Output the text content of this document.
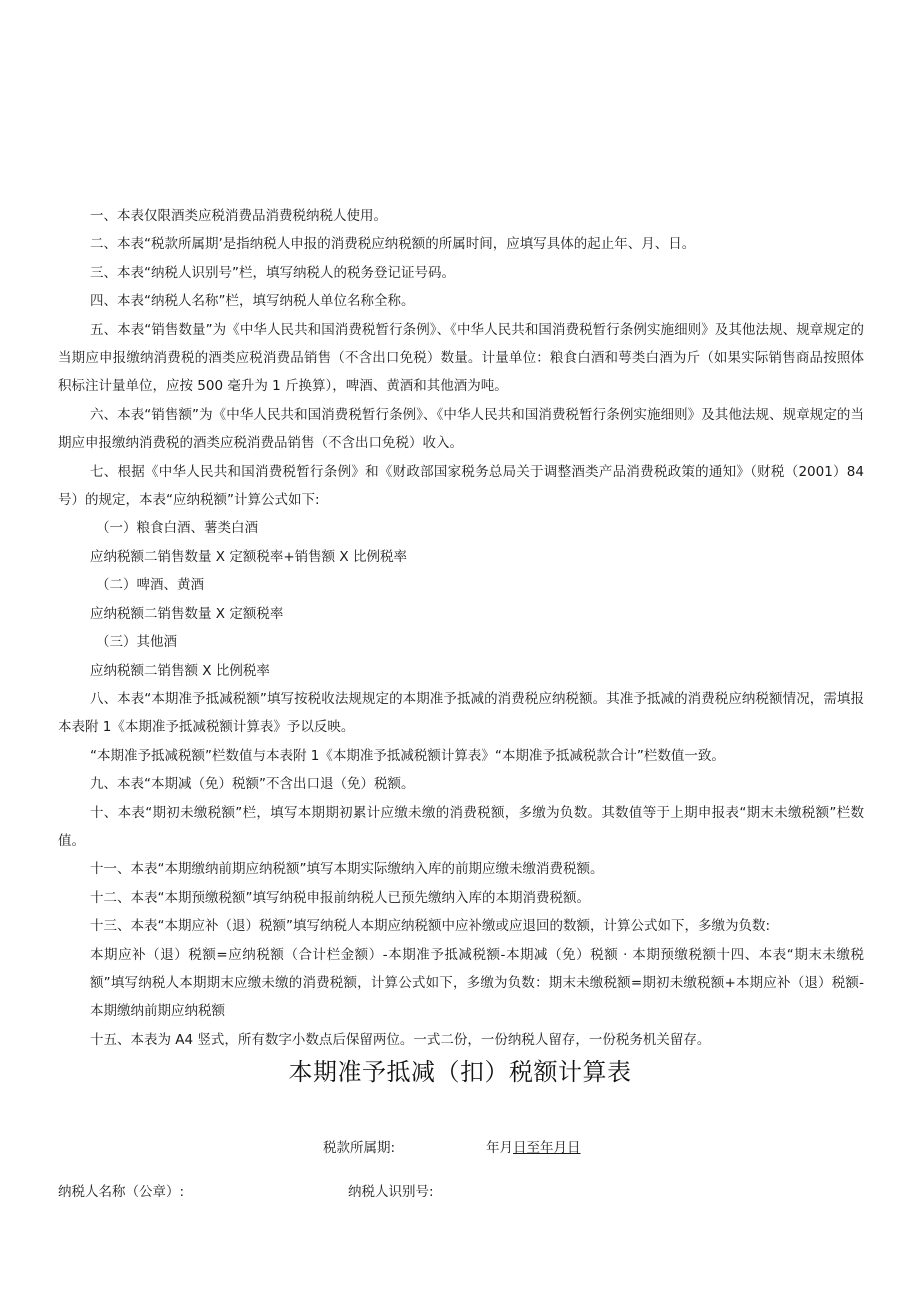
一、本表仅限酒类应税消费品消费税纳税人使用。

二、本表“税款所属期’是指纳税人申报的消费税应纳税额的所属时间，应填写具体的起止年、月、日。

三、本表“纳税人识别号”栏，填写纳税人的税务登记证号码。

四、本表“纳税人名称”栏，填写纳税人单位名称全称。

五、本表“销售数量”为《中华人民共和国消费税暂行条例》、《中华人民共和国消费税暂行条例实施细则》及其他法规、规章规定的当期应申报缴纳消费税的酒类应税消费品销售（不含出口免税）数量。计量单位：粮食白酒和萼类白酒为斤（如果实际销售商品按照体积标注计量单位，应按 500 毫升为 1 斤换算），啤酒、黄酒和其他酒为吨。

六、本表“销售额”为《中华人民共和国消费税暂行条例》、《中华人民共和国消费税暂行条例实施细则》及其他法规、规章规定的当期应申报缴纳消费税的酒类应税消费品销售（不含出口免税）收入。

七、根据《中华人民共和国消费税暂行条例》和《财政部国家税务总局关于调整酒类产品消费税政策的通知》（财税（2001）84 号）的规定，本表“应纳税额”计算公式如下:

（一）粮食白酒、薯类白酒

应纳税额二销售数量 X 定额税率+销售额 X 比例税率

（二）啤酒、黄酒

应纳税额二销售数量 X 定额税率

（三）其他酒

应纳税额二销售额 X 比例税率

八、本表“本期准予抵减税额”填写按税收法规规定的本期准予抵减的消费税应纳税额。其准予抵减的消费税应纳税额情况，需填报本表附 1《本期准予抵减税额计算表》予以反映。

“本期准予抵减税额”栏数值与本表附 1《本期准予抵减税额计算表》“本期准予抵减税款合计”栏数值一致。

九、本表“本期减（免）税额”不含出口退（免）税额。

十、本表“期初未缴税额”栏，填写本期期初累计应缴未缴的消费税额，多缴为负数。其数值等于上期申报表“期末未缴税额”栏数值。

十一、本表“本期缴纳前期应纳税额”填写本期实际缴纳入库的前期应缴未缴消费税额。

十二、本表“本期预缴税额”填写纳税申报前纳税人已预先缴纳入库的本期消费税额。

十三、本表“本期应补（退）税额”填写纳税人本期应纳税额中应补缴或应退回的数额，计算公式如下，多缴为负数:

本期应补（退）税额=应纳税额（合计栏金额）-本期准予抵减税额-本期减（免）税额 · 本期预缴税额十四、本表“期末未缴税额”填写纳税人本期期末应缴未缴的消费税额，计算公式如下，多缴为负数：期末未缴税额=期初未缴税额+本期应补（退）税额-本期缴纳前期应纳税额

十五、本表为 A4 竖式，所有数字小数点后保留两位。一式二份，一份纳税人留存，一份税务机关留存。

本期准予抵减（扣）税额计算表
税款所属期:	年月日至年月日
纳税人名称（公章）:	纳税人识别号:
